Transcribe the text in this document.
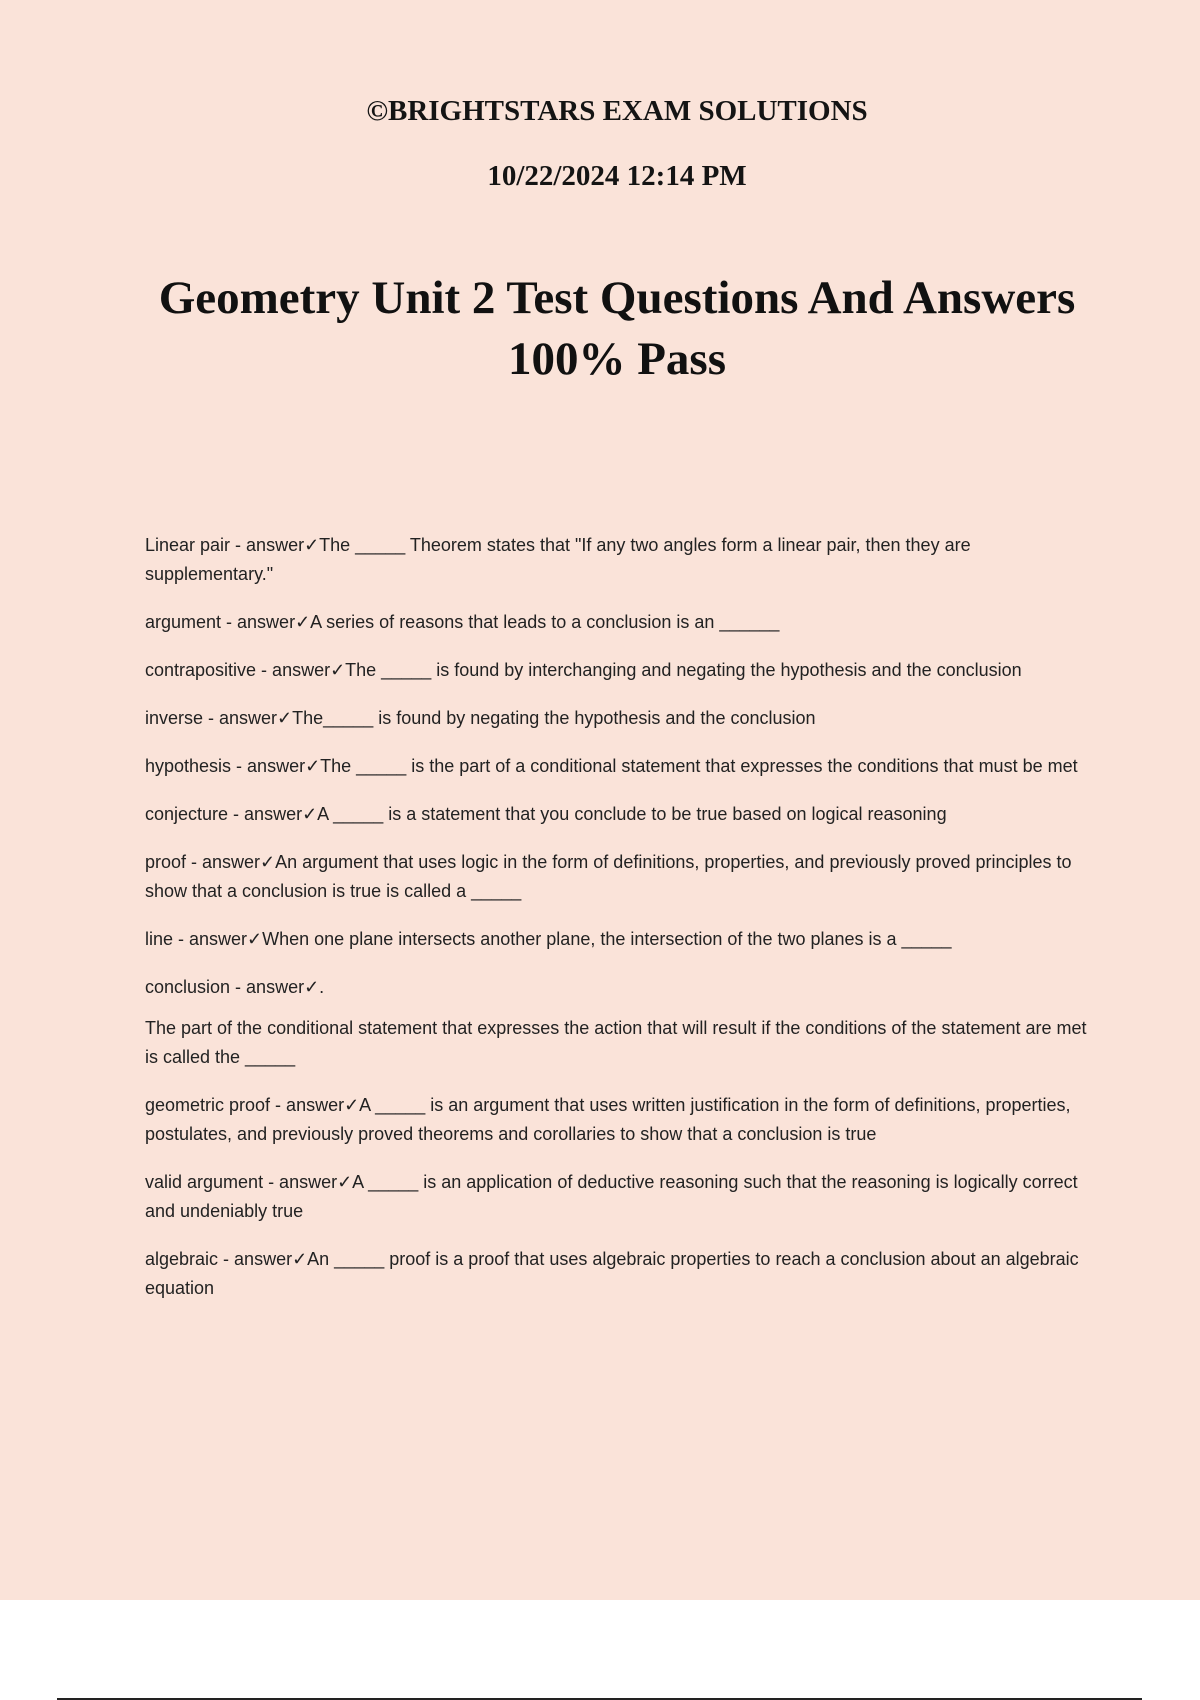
©BRIGHTSTARS EXAM SOLUTIONS
10/22/2024 12:14 PM
Geometry Unit 2 Test Questions And Answers 100% Pass
Linear pair - answer✓The _____ Theorem states that "If any two angles form a linear pair, then they are supplementary."
argument - answer✓A series of reasons that leads to a conclusion is an ______
contrapositive - answer✓The _____ is found by interchanging and negating the hypothesis and the conclusion
inverse - answer✓The_____ is found by negating the hypothesis and the conclusion
hypothesis - answer✓The _____ is the part of a conditional statement that expresses the conditions that must be met
conjecture - answer✓A _____ is a statement that you conclude to be true based on logical reasoning
proof - answer✓An argument that uses logic in the form of definitions, properties, and previously proved principles to show that a conclusion is true is called a _____
line - answer✓When one plane intersects another plane, the intersection of the two planes is a _____
conclusion - answer✓.
The part of the conditional statement that expresses the action that will result if the conditions of the statement are met is called the _____
geometric proof - answer✓A _____ is an argument that uses written justification in the form of definitions, properties, postulates, and previously proved theorems and corollaries to show that a conclusion is true
valid argument - answer✓A _____ is an application of deductive reasoning such that the reasoning is logically correct and undeniably true
algebraic - answer✓An _____ proof is a proof that uses algebraic properties to reach a conclusion about an algebraic equation
